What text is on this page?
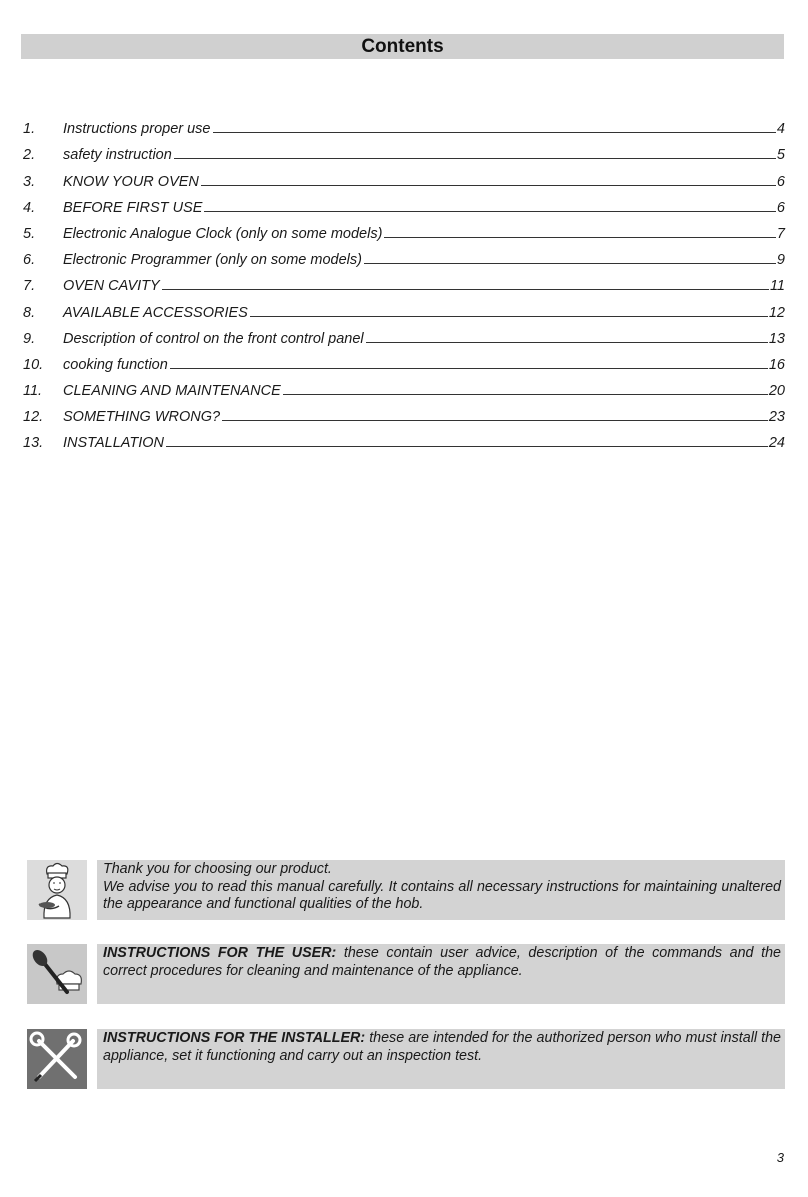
Contents
1.	Instructions proper use	4
2.	safety instruction	5
3.	KNOW YOUR OVEN	6
4.	BEFORE FIRST USE	6
5.	Electronic Analogue Clock (only on some models)	7
6.	Electronic Programmer (only on some models)	9
7.	OVEN CAVITY	11
8.	AVAILABLE ACCESSORIES	12
9.	Description of control on the front control panel	13
10.	cooking function	16
11.	CLEANING AND MAINTENANCE	20
12.	SOMETHING WRONG?	23
13.	INSTALLATION	24
Thank you for choosing our product.
We advise you to read this manual carefully. It contains all necessary instructions for maintaining unaltered the appearance and functional qualities of the hob.
INSTRUCTIONS FOR THE USER: these contain user advice, description of the commands and the correct procedures for cleaning and maintenance of the appliance.
INSTRUCTIONS FOR THE INSTALLER: these are intended for the authorized person who must install the appliance, set it functioning and carry out an inspection test.
3
